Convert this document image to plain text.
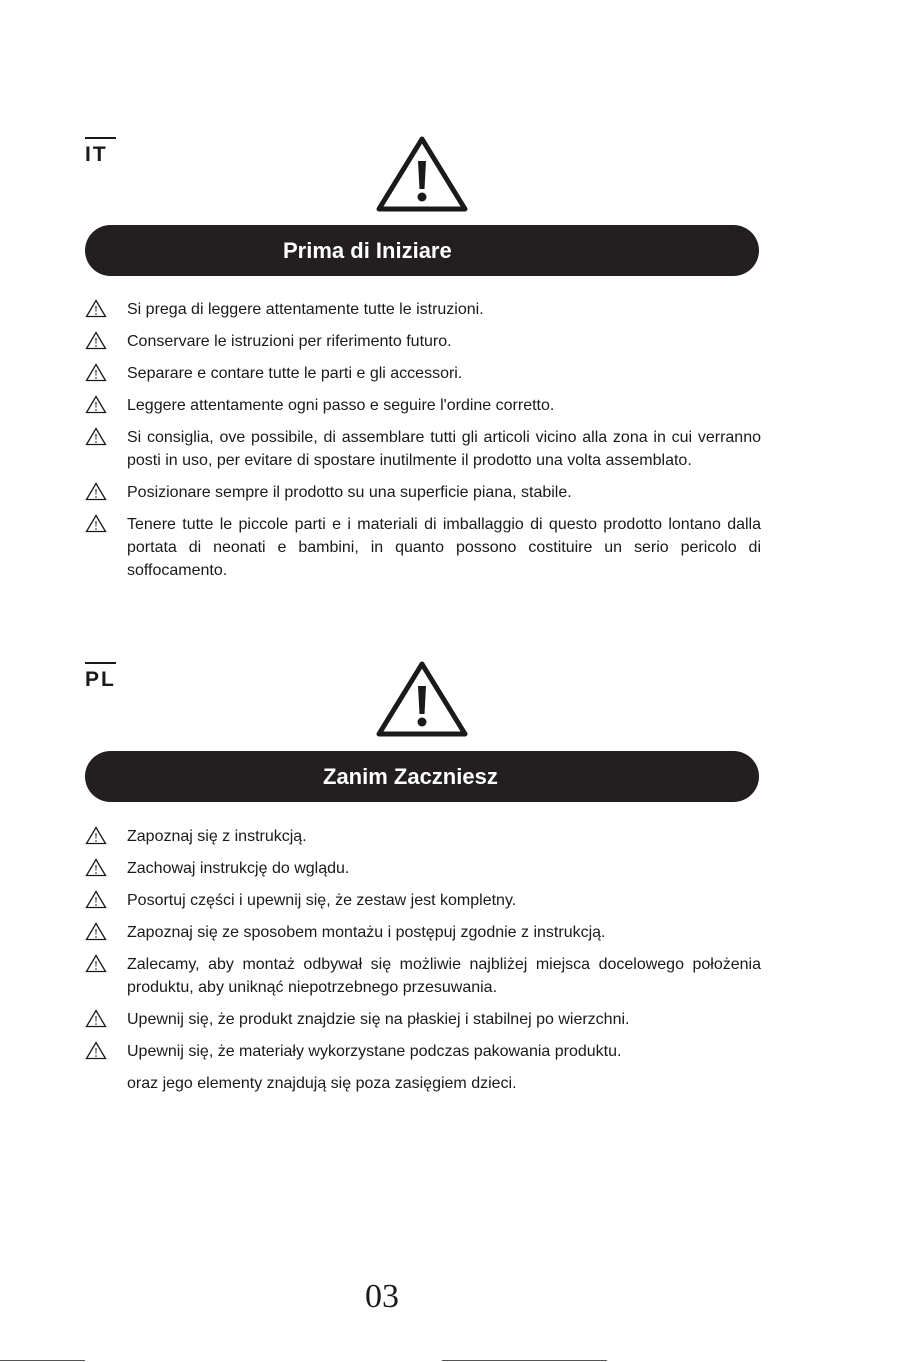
IT
Prima di Iniziare

Si prega di leggere attentamente tutte le istruzioni.

Conservare le istruzioni per riferimento futuro.

Separare e contare tutte le parti e gli accessori.

Leggere attentamente ogni passo e seguire l'ordine corretto.

Si consiglia, ove possibile, di assemblare tutti gli articoli vicino alla zona in cui verranno posti in uso, per evitare di spostare inutilmente il prodotto una volta assemblato.

Posizionare sempre il prodotto su una superficie piana, stabile.

Tenere tutte le piccole parti e i materiali di imballaggio di questo prodotto lontano dalla portata di neonati e bambini, in quanto possono costituire un serio pericolo di soffocamento.

PL
Zanim Zaczniesz

Zapoznaj się z instrukcją.

Zachowaj instrukcję do wglądu.

Posortuj części i upewnij się, że zestaw jest kompletny.

Zapoznaj się ze sposobem montażu i postępuj zgodnie z instrukcją.

Zalecamy, aby montaż odbywał się możliwie najbliżej miejsca docelowego położenia produktu, aby uniknąć niepotrzebnego przesuwania.

Upewnij się, że produkt znajdzie się na płaskiej i stabilnej po wierzchni.

Upewnij się, że materiały wykorzystane podczas pakowania produktu.

oraz jego elementy znajdują się poza zasięgiem dzieci.

03
